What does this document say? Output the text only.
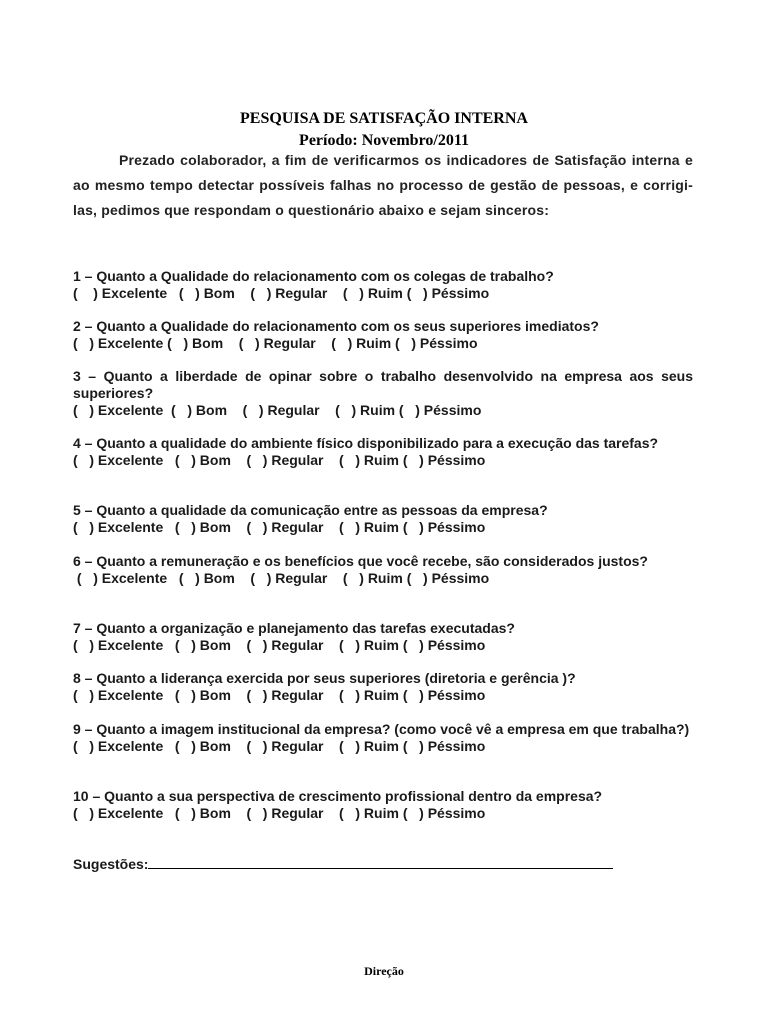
PESQUISA DE SATISFAÇÃO INTERNA
Período: Novembro/2011
Prezado colaborador, a fim de verificarmos os indicadores de Satisfação interna e ao mesmo tempo detectar possíveis falhas no processo de gestão de pessoas, e corrigi-las, pedimos que respondam o questionário abaixo e sejam sinceros:
1 – Quanto a Qualidade do relacionamento com os colegas de trabalho?
(    ) Excelente   (   ) Bom    (   ) Regular    (   ) Ruim (   ) Péssimo
2 – Quanto a Qualidade do relacionamento com os seus superiores imediatos?
(   ) Excelente (   ) Bom    (   ) Regular    (   ) Ruim (   ) Péssimo
3 – Quanto a liberdade de opinar sobre o trabalho desenvolvido na empresa aos seus superiores?
(   ) Excelente  (   ) Bom    (   ) Regular    (   ) Ruim (   ) Péssimo
4 – Quanto a qualidade do ambiente físico disponibilizado para a execução das tarefas?
(   ) Excelente   (   ) Bom    (   ) Regular    (   ) Ruim (   ) Péssimo
5 – Quanto a qualidade da comunicação entre as pessoas da empresa?
(   ) Excelente   (   ) Bom    (   ) Regular    (   ) Ruim (   ) Péssimo
6 – Quanto a remuneração e os benefícios que você recebe, são considerados justos?
(   ) Excelente   (   ) Bom    (   ) Regular    (   ) Ruim (   ) Péssimo
7 – Quanto a organização e planejamento das tarefas executadas?
(   ) Excelente   (   ) Bom    (   ) Regular    (   ) Ruim (   ) Péssimo
8 – Quanto a liderança exercida por seus superiores (diretoria e gerência )?
(   ) Excelente   (   ) Bom    (   ) Regular    (   ) Ruim (   ) Péssimo
9 – Quanto a imagem institucional da empresa? (como você vê a empresa em que trabalha?)
(   ) Excelente   (   ) Bom    (   ) Regular    (   ) Ruim (   ) Péssimo
10 – Quanto a sua perspectiva de crescimento profissional dentro da empresa?
(   ) Excelente   (   ) Bom    (   ) Regular    (   ) Ruim (   ) Péssimo
Sugestões:
Direção
